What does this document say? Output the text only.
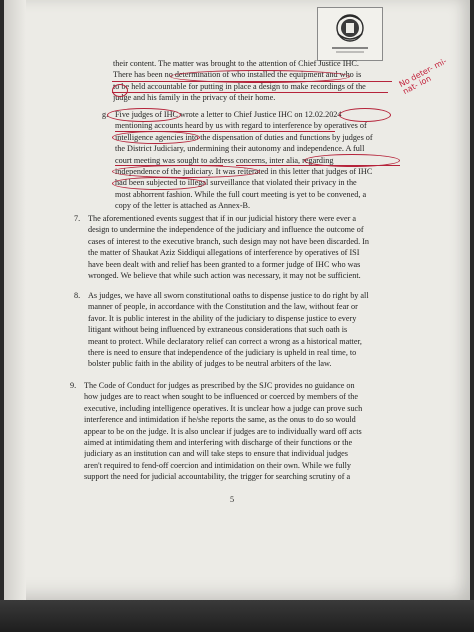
their content. The matter was brought to the attention of Chief Justice IHC.
There has been no determination of who installed the equipment and who is
to be held accountable for putting in place a design to make recordings of the
judge and his family in the privacy of their home.
No deter- mi- nat- ion
g. Five judges of IHC wrote a letter to Chief Justice IHC on 12.02.2024
mentioning accounts heard by us with regard to interference by operatives of
intelligence agencies into the dispensation of duties and functions by judges of
the District Judiciary, undermining their autonomy and independence. A full
court meeting was sought to address concerns, inter alia, regarding
independence of the judiciary. It was reiterated in this letter that judges of IHC
had been subjected to illegal surveillance that violated their privacy in the
most abhorrent fashion. While the full court meeting is yet to be convened, a
copy of the letter is attached as Annex-B.
7. The aforementioned events suggest that if in our judicial history there were ever a
design to undermine the independence of the judiciary and influence the outcome of
cases of interest to the executive branch, such design may not have been discarded. In
the matter of Shaukat Aziz Siddiqui allegations of interference by operatives of ISI
have been dealt with and relief has been granted to a former judge of IHC who was
wronged. We believe that while such action was necessary, it may not be sufficient.
8. As judges, we have all sworn constitutional oaths to dispense justice to do right by all
manner of people, in accordance with the Constitution and the law, without fear or
favor. It is public interest in the ability of the judiciary to dispense justice to every
litigant without being influenced by extraneous considerations that such oath is
meant to protect. While declaratory relief can correct a wrong as a historical matter,
there is need to ensure that independence of the judiciary is upheld in real time, to
bolster public faith in the ability of judges to be neutral arbiters of the law.
9. The Code of Conduct for judges as prescribed by the SJC provides no guidance on
how judges are to react when sought to be influenced or coerced by members of the
executive, including intelligence operatives. It is unclear how a judge can prove such
interference and intimidation if he/she reports the same, as the onus to do so would
appear to be on the judge. It is also unclear if judges are to individually ward off acts
aimed at intimidating them and interfering with discharge of their functions or the
judiciary as an institution can and will take steps to ensure that individual judges
aren't required to fend-off coercion and intimidation on their own. While we fully
support the need for judicial accountability, the trigger for searching scrutiny of a
5
